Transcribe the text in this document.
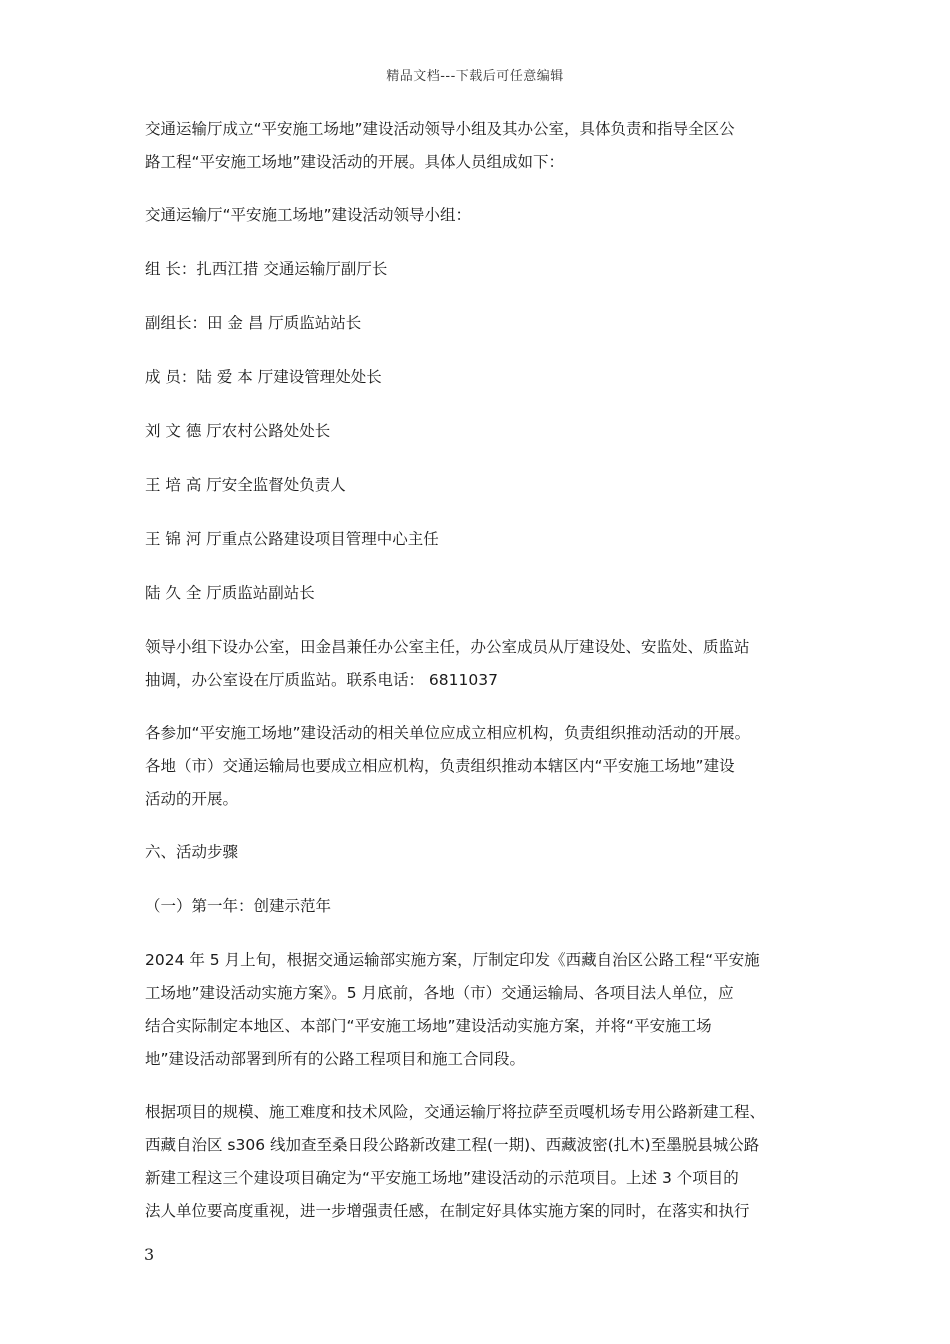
精品文档---下载后可任意编辑

交通运输厅成立“平安施工场地”建设活动领导小组及其办公室，具体负责和指导全区公
路工程“平安施工场地”建设活动的开展。具体人员组成如下：

交通运输厅“平安施工场地”建设活动领导小组：

组 长：扎西江措 交通运输厅副厅长

副组长：田 金 昌 厅质监站站长

成 员：陆 爱 本 厅建设管理处处长

刘 文 德 厅农村公路处处长

王 培 高 厅安全监督处负责人

王 锦 河 厅重点公路建设项目管理中心主任

陆 久 全 厅质监站副站长

领导小组下设办公室，田金昌兼任办公室主任，办公室成员从厅建设处、安监处、质监站
抽调，办公室设在厅质监站。联系电话： 6811037

各参加“平安施工场地”建设活动的相关单位应成立相应机构，负责组织推动活动的开展。
各地（市）交通运输局也要成立相应机构，负责组织推动本辖区内“平安施工场地”建设
活动的开展。

六、活动步骤

（一）第一年：创建示范年

2024 年 5 月上旬，根据交通运输部实施方案，厅制定印发《西藏自治区公路工程“平安施
工场地”建设活动实施方案》。5 月底前，各地（市）交通运输局、各项目法人单位，应
结合实际制定本地区、本部门“平安施工场地”建设活动实施方案，并将“平安施工场
地”建设活动部署到所有的公路工程项目和施工合同段。

根据项目的规模、施工难度和技术风险，交通运输厅将拉萨至贡嘎机场专用公路新建工程、
西藏自治区 s306 线加查至桑日段公路新改建工程(一期)、西藏波密(扎木)至墨脱县城公路
新建工程这三个建设项目确定为“平安施工场地”建设活动的示范项目。上述 3 个项目的
法人单位要高度重视，进一步增强责任感，在制定好具体实施方案的同时，在落实和执行

3
